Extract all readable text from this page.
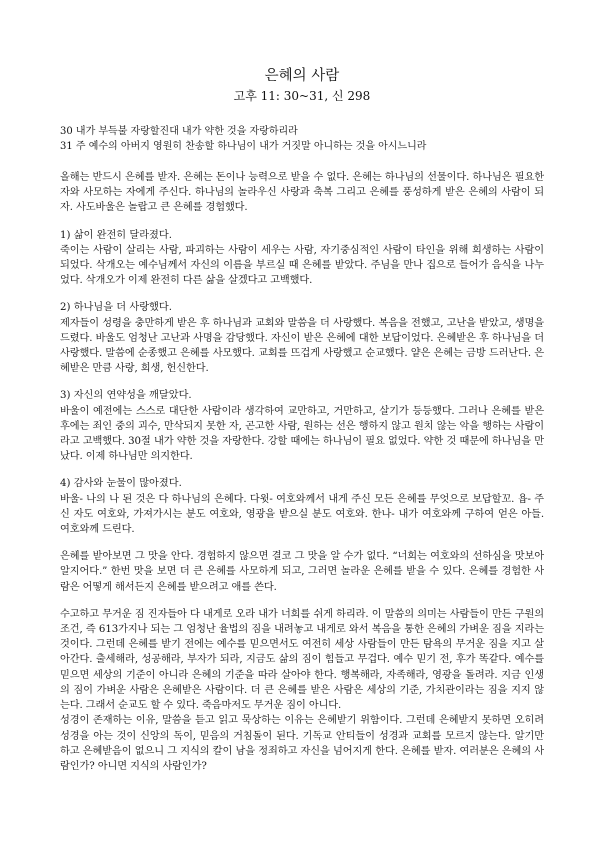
은혜의 사람
고후 11: 30~31, 신 298

30 내가 부득불 자랑할진대 내가 약한 것을 자랑하리라

31 주 예수의 아버지 영원히 찬송할 하나님이 내가 거짓말 아니하는 것을 아시느니라

올해는 반드시 은혜를 받자. 은혜는 돈이나 능력으로 받을 수 없다. 은혜는 하나님의 선물이다. 하나님은 필요한 자와 사모하는 자에게 주신다. 하나님의 놀라우신 사랑과 축복 그리고 은혜를 풍성하게 받은 은혜의 사람이 되자. 사도바울은 놀랍고 큰 은혜를 경험했다.

1) 삶이 완전히 달라졌다.

죽이는 사람이 살리는 사람, 파괴하는 사람이 세우는 사람, 자기중심적인 사람이 타인을 위해 희생하는 사람이 되었다. 삭개오는 예수님께서 자신의 이름을 부르실 때 은혜를 받았다. 주님을 만나 집으로 들어가 음식을 나누었다. 삭개오가 이제 완전히 다른 삶을 살겠다고 고백했다.

2) 하나님을 더 사랑했다.

제자들이 성령을 충만하게 받은 후 하나님과 교회와 말씀을 더 사랑했다. 복음을 전했고, 고난을 받았고, 생명을 드렸다. 바울도 엄청난 고난과 사명을 감당했다. 자신이 받은 은혜에 대한 보답이었다. 은혜받은 후 하나님을 더 사랑했다. 말씀에 순종했고 은혜를 사모했다. 교회를 뜨겁게 사랑했고 순교했다. 얕은 은혜는 금방 드러난다. 은혜받은 만큼 사랑, 희생, 헌신한다.

3) 자신의 연약성을 깨달았다.

바울이 예전에는 스스로 대단한 사람이라 생각하여 교만하고, 거만하고, 살기가 등등했다. 그러나 은혜를 받은 후에는 죄인 중의 괴수, 만삭되지 못한 자, 곤고한 사람, 원하는 선은 행하지 않고 원치 않는 악을 행하는 사람이라고 고백했다. 30절 내가 약한 것을 자랑한다. 강할 때에는 하나님이 필요 없었다. 약한 것 때문에 하나님을 만났다. 이제 하나님만 의지한다.

4) 감사와 눈물이 많아졌다.

바울- 나의 나 된 것은 다 하나님의 은혜다. 다윗- 여호와께서 내게 주신 모든 은혜를 무엇으로 보답할꼬. 욥- 주신 자도 여호와, 가져가시는 분도 여호와, 영광을 받으실 분도 여호와. 한나- 내가 여호와께 구하여 얻은 아들. 여호와께 드린다.

은혜를 받아보면 그 맛을 안다. 경험하지 않으면 결코 그 맛을 알 수가 없다. “너희는 여호와의 선하심을 맛보아 알지어다.” 한번 맛을 보면 더 큰 은혜를 사모하게 되고, 그러면 놀라운 은혜를 받을 수 있다. 은혜를 경험한 사람은 어떻게 해서든지 은혜를 받으려고 애를 쓴다.

수고하고 무거운 짐 진자들아 다 내게로 오라 내가 너희를 쉬게 하리라. 이 말씀의 의미는 사람들이 만든 구원의 조건, 즉 613가지나 되는 그 엄청난 율법의 짐을 내려놓고 내게로 와서 복음을 통한 은혜의 가벼운 짐을 지라는 것이다. 그런데 은혜를 받기 전에는 예수를 믿으면서도 여전히 세상 사람들이 만든 탐욕의 무거운 짐을 지고 살아간다. 출세해라, 성공해라, 부자가 되라, 지금도 삶의 짐이 힘들고 무겁다. 예수 믿기 전, 후가 똑같다. 예수를 믿으면 세상의 기준이 아니라 은혜의 기준을 따라 살아야 한다. 행복해라, 자족해라, 영광을 돌려라. 지금 인생의 짐이 가벼운 사람은 은혜받은 사람이다. 더 큰 은혜를 받은 사람은 세상의 기준, 가치관이라는 짐을 지지 않는다. 그래서 순교도 할 수 있다. 죽음마저도 무거운 짐이 아니다.

성경이 존재하는 이유, 말씀을 듣고 읽고 묵상하는 이유는 은혜받기 위함이다. 그런데 은혜받지 못하면 오히려 성경을 아는 것이 신앙의 독이, 믿음의 거침돌이 된다. 기독교 안티들이 성경과 교회를 모르지 않는다. 알기만 하고 은혜받음이 없으니 그 지식의 칼이 남을 정죄하고 자신을 넘어지게 한다. 은혜를 받자. 여러분은 은혜의 사람인가? 아니면 지식의 사람인가?
